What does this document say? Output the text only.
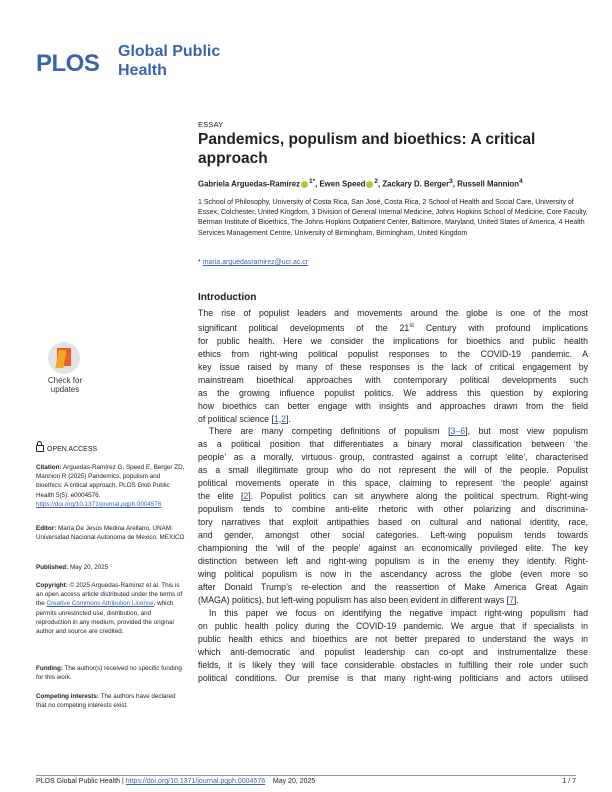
PLOS Global Public
Health
ESSAY
Pandemics, populism and bioethics: A critical approach
Gabriela Arguedas-Ramírez $^{1*}$, Ewen Speed $^2$, Zackary D. Berger$^3$, Russell Mannion$^4$
1 School of Philosophy, University of Costa Rica, San José, Costa Rica, 2 School of Health and Social Care, University of Essex, Colchester, United Kingdom, 3 Division of General Internal Medicine, Johns Hopkins School of Medicine, Core Faculty, Berman Institute of Bioethics, The Johns Hopkins Outpatient Center, Baltimore, Maryland, United States of America, 4 Health Services Management Centre, University of Birmingham, Birmingham, United Kingdom
* maria.arguedasramirez@ucr.ac.cr
Introduction
The rise of populist leaders and movements around the globe is one of the most
significant political developments of the 21st Century with profound implications
for public health. Here we consider the implications for bioethics and public health
ethics from right-wing political populist responses to the COVID-19 pandemic. A
key issue raised by many of these responses is the lack of critical engagement by
mainstream bioethical approaches with contemporary political developments such
as the growing influence populist politics. We address this question by exploring
how bioethics can better engage with insights and approaches drawn from the field
of political science [1,2].
There are many competing definitions of populism [3–6], but most view populism
as a political position that differentiates a binary moral classification between ‘the
people’ as a morally, virtuous group, contrasted against a corrupt ‘elite’, characterised
as a small illegitimate group who do not represent the will of the people. Populist
political movements operate in this space, claiming to represent ‘the people’ against
the elite [2]. Populist politics can sit anywhere along the political spectrum. Right-wing
populism tends to combine anti-elite rhetoric with other polarizing and discrimina-
tory narratives that exploit antipathies based on cultural and national identity, race,
and gender, amongst other social categories. Left-wing populism tends towards
championing the ‘will of the people’ against an economically privileged elite. The key
distinction between left and right-wing populism is in the enemy they identify. Right-
wing political populism is now in the ascendancy across the globe (even more so
after Donald Trump’s re-election and the reassertion of Make America Great Again
(MAGA) politics), but left-wing populism has also been evident in different ways [7].
In this paper we focus on identifying the negative impact right-wing populism had
on public health policy during the COVID-19 pandemic. We argue that if specialists in
public health ethics and bioethics are not better prepared to understand the ways in
which anti-democratic and populist leadership can co-opt and instrumentalize these
fields, it is likely they will face considerable obstacles in fulfilling their role under such
political conditions. Our premise is that many right-wing politicians and actors utilised
Check for
updates
OPEN ACCESS
Citation: Arguedas-Ramírez G, Speed E, Berger ZD, Mannion R (2025) Pandemics, populism and bioethics: A critical approach. PLOS Glob Public Health 5(5): e0004576. https://doi.org/10.1371/journal.pgph.0004576
Editor: María De Jesús Medina Arellano, UNAM: Universidad Nacional Autonoma de Mexico, MEXICO
Published: May 20, 2025
Copyright: © 2025 Arguedas-Ramírez et al. This is an open access article distributed under the terms of the Creative Commons Attribution License, which permits unrestricted use, distribution, and reproduction in any medium, provided the original author and source are credited.
Funding: The author(s) received no specific funding for this work.
Competing interests: The authors have declared that no competing interests exist.
PLOS Global Public Health | https://doi.org/10.1371/journal.pgph.0004576 May 20, 2025	1 / 7
